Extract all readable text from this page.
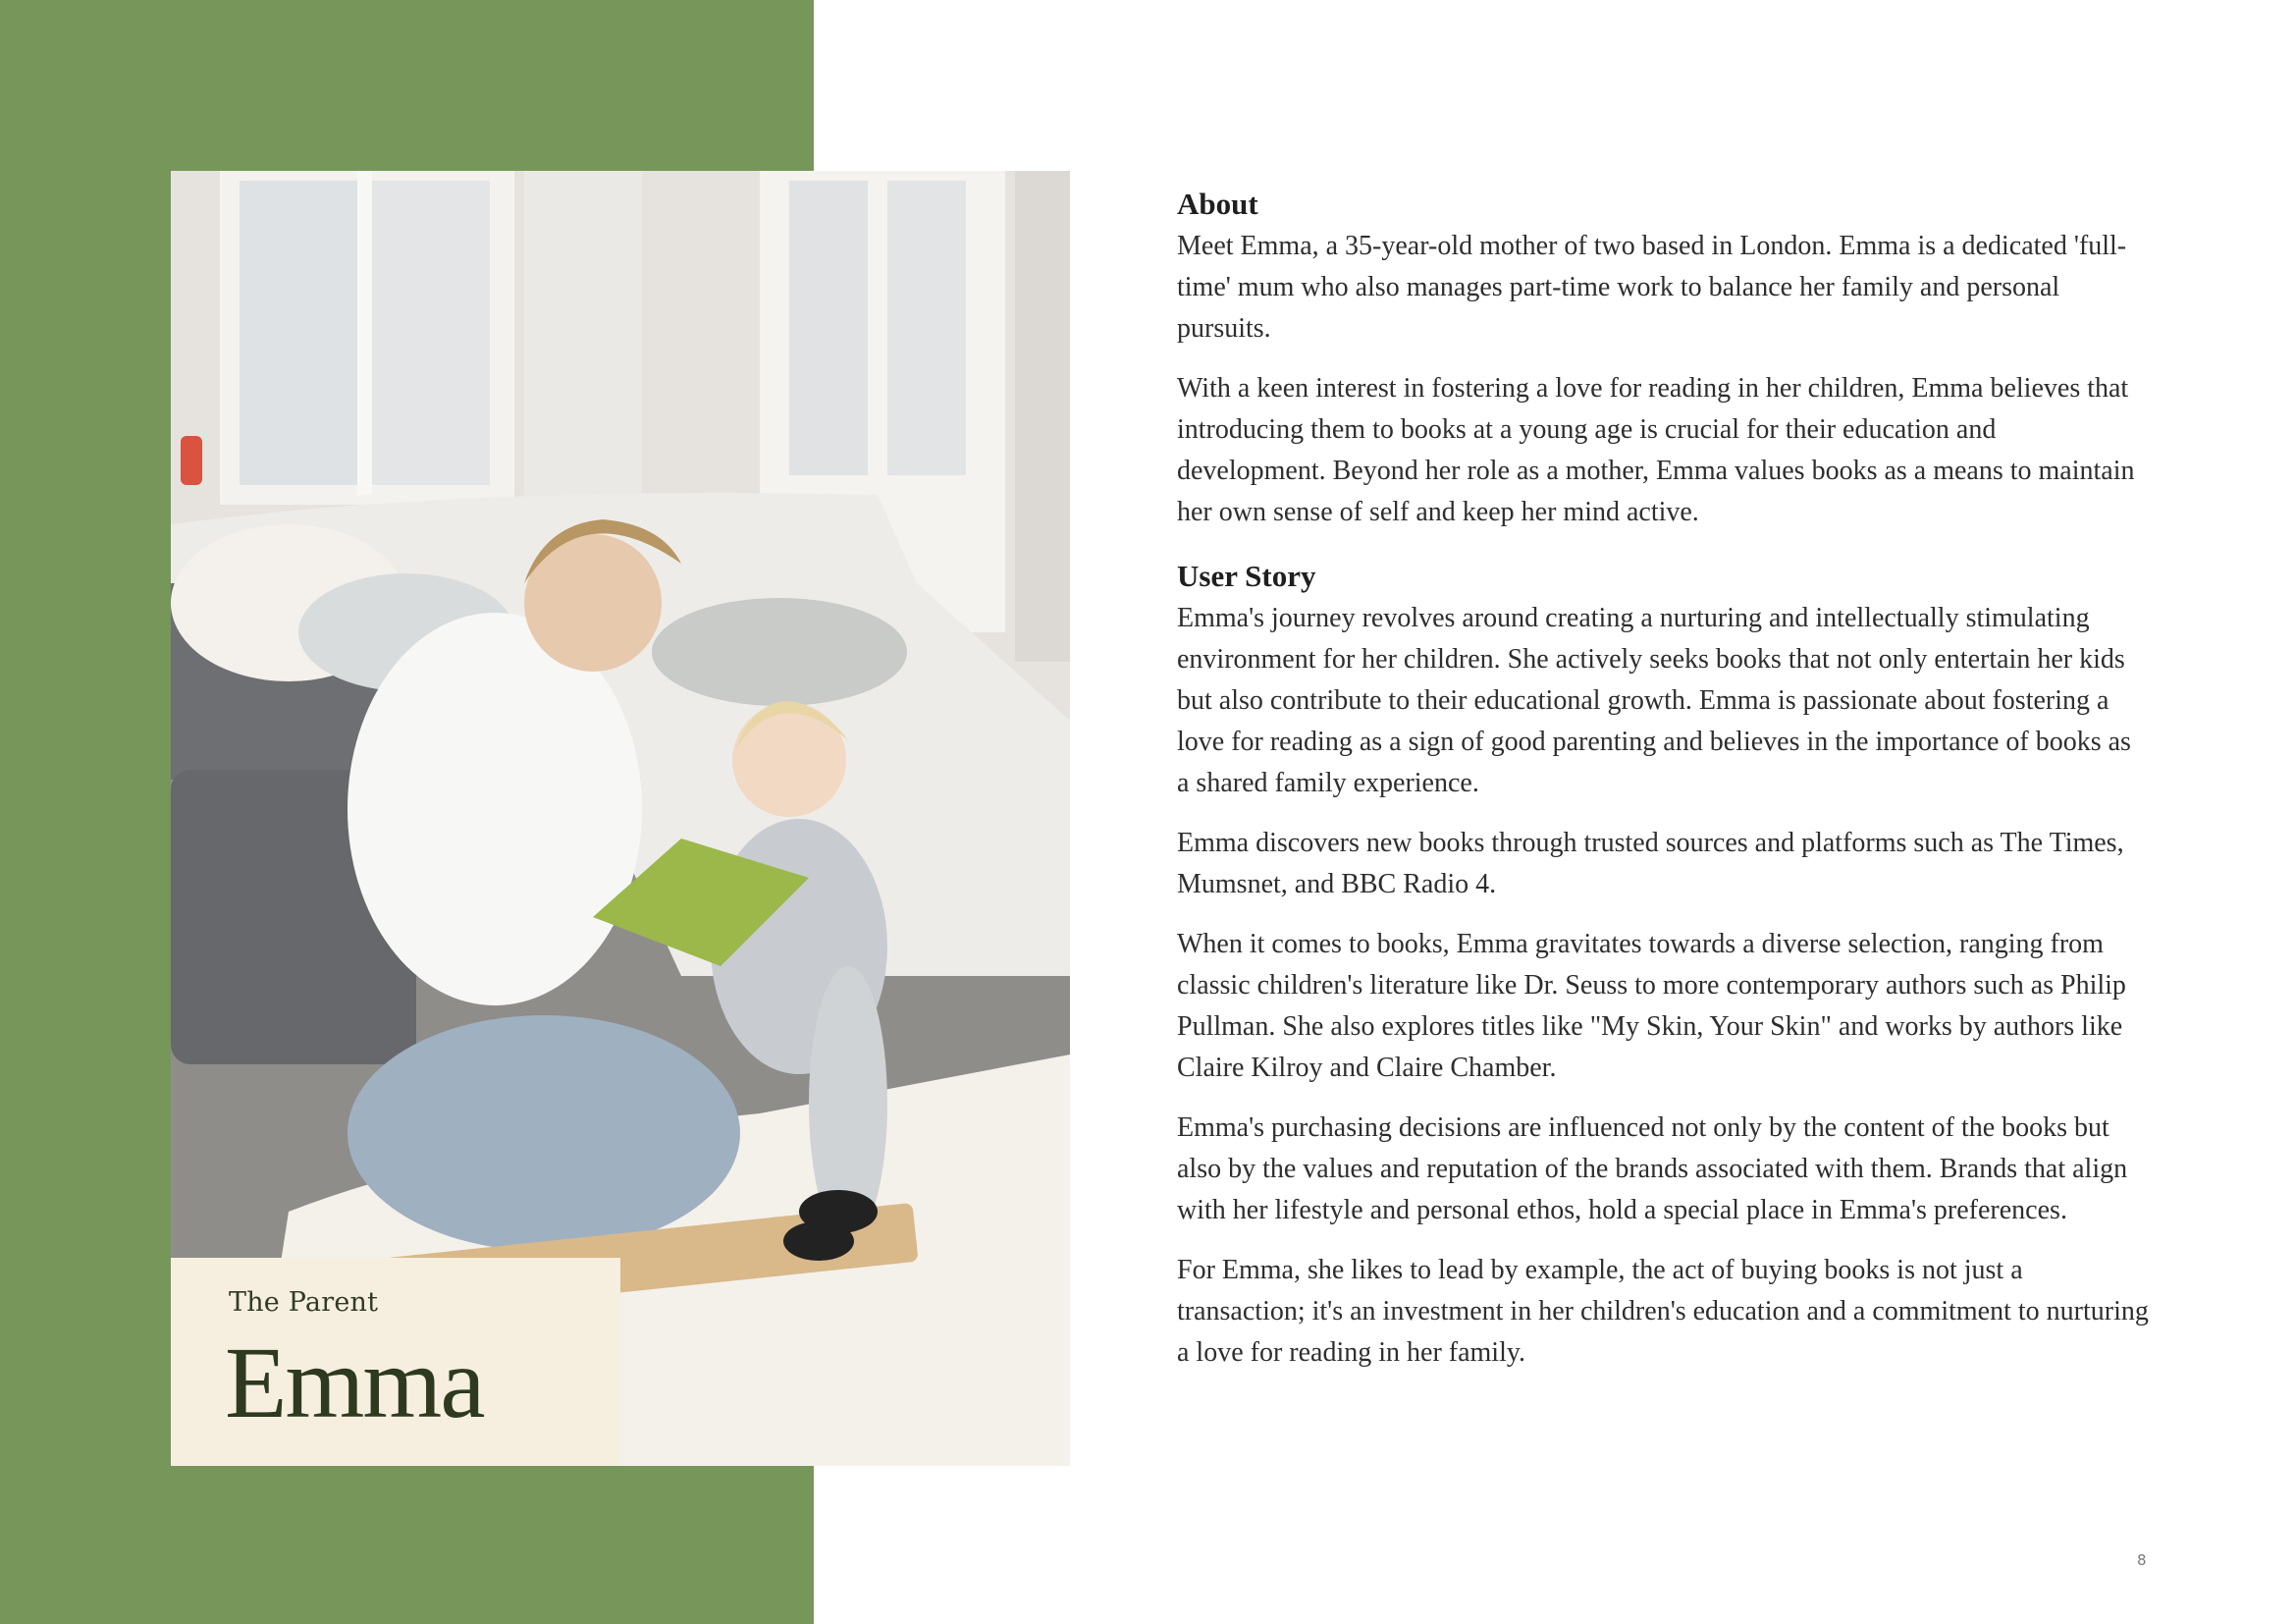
The Parent
Emma
About

Meet Emma, a 35-year-old mother of two based in London. Emma is a dedicated 'full-time' mum who also manages part-time work to balance her family and personal pursuits.

With a keen interest in fostering a love for reading in her children, Emma believes that introducing them to books at a young age is crucial for their education and development. Beyond her role as a mother, Emma values books as a means to maintain her own sense of self and keep her mind active.

User Story

Emma's journey revolves around creating a nurturing and intellectually stimulating environment for her children. She actively seeks books that not only entertain her kids but also contribute to their educational growth. Emma is passionate about fostering a love for reading as a sign of good parenting and believes in the importance of books as a shared family experience.

Emma discovers new books through trusted sources and platforms such as The Times, Mumsnet, and BBC Radio 4.

When it comes to books, Emma gravitates towards a diverse selection, ranging from classic children's literature like Dr. Seuss to more contemporary authors such as Philip Pullman. She also explores titles like "My Skin, Your Skin" and works by authors like Claire Kilroy and Claire Chamber.

Emma's purchasing decisions are influenced not only by the content of the books but also by the values and reputation of the brands associated with them. Brands that align with her lifestyle and personal ethos, hold a special place in Emma's preferences.

For Emma, she likes to lead by example, the act of buying books is not just a transaction; it's an investment in her children's education and a commitment to nurturing a love for reading in her family.

8
